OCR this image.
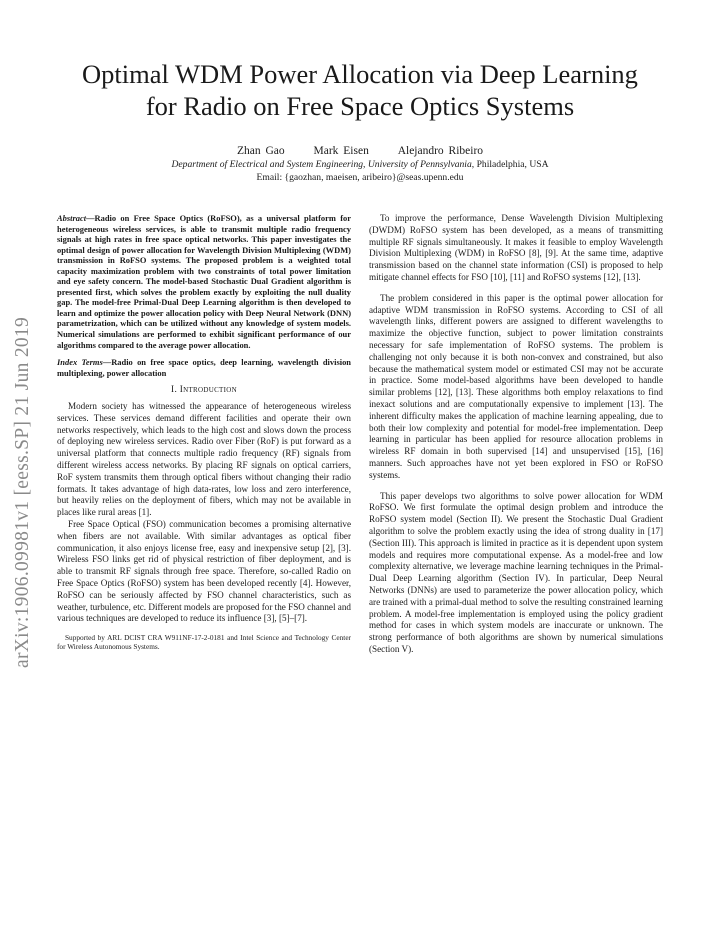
arXiv:1906.09981v1 [eess.SP] 21 Jun 2019
Optimal WDM Power Allocation via Deep Learning
for Radio on Free Space Optics Systems
Zhan Gao	Mark Eisen	Alejandro Ribeiro
Department of Electrical and System Engineering, University of Pennsylvania, Philadelphia, USA
Email: {gaozhan, maeisen, aribeiro}@seas.upenn.edu
Abstract—Radio on Free Space Optics (RoFSO), as a universal platform for heterogeneous wireless services, is able to transmit multiple radio frequency signals at high rates in free space optical networks. This paper investigates the optimal design of power allocation for Wavelength Division Multiplexing (WDM) transmission in RoFSO systems. The proposed problem is a weighted total capacity maximization problem with two constraints of total power limitation and eye safety concern. The model-based Stochastic Dual Gradient algorithm is presented first, which solves the problem exactly by exploiting the null duality gap. The model-free Primal-Dual Deep Learning algorithm is then developed to learn and optimize the power allocation policy with Deep Neural Network (DNN) parametrization, which can be utilized without any knowledge of system models. Numerical simulations are performed to exhibit significant performance of our algorithms compared to the average power allocation.
Index Terms—Radio on free space optics, deep learning, wavelength division multiplexing, power allocation
I. Introduction

Modern society has witnessed the appearance of heterogeneous wireless services. These services demand different facilities and operate their own networks respectively, which leads to the high cost and slows down the process of deploying new wireless services. Radio over Fiber (RoF) is put forward as a universal platform that connects multiple radio frequency (RF) signals from different wireless access networks. By placing RF signals on optical carriers, RoF system transmits them through optical fibers without changing their radio formats. It takes advantage of high data-rates, low loss and zero interference, but heavily relies on the deployment of fibers, which may not be available in places like rural areas [1].

Free Space Optical (FSO) communication becomes a promising alternative when fibers are not available. With similar advantages as optical fiber communication, it also enjoys license free, easy and inexpensive setup [2], [3]. Wireless FSO links get rid of physical restriction of fiber deployment, and is able to transmit RF signals through free space. Therefore, so-called Radio on Free Space Optics (RoFSO) system has been developed recently [4]. However, RoFSO can be seriously affected by FSO channel characteristics, such as weather, turbulence, etc. Different models are proposed for the FSO channel and various techniques are developed to reduce its influence [3], [5]–[7].

Supported by ARL DCIST CRA W911NF-17-2-0181 and Intel Science and Technology Center for Wireless Autonomous Systems.

To improve the performance, Dense Wavelength Division Multiplexing (DWDM) RoFSO system has been developed, as a means of transmitting multiple RF signals simultaneously. It makes it feasible to employ Wavelength Division Multiplexing (WDM) in RoFSO [8], [9]. At the same time, adaptive transmission based on the channel state information (CSI) is proposed to help mitigate channel effects for FSO [10], [11] and RoFSO systems [12], [13].

The problem considered in this paper is the optimal power allocation for adaptive WDM transmission in RoFSO systems. According to CSI of all wavelength links, different powers are assigned to different wavelengths to maximize the objective function, subject to power limitation constraints necessary for safe implementation of RoFSO systems. The problem is challenging not only because it is both non-convex and constrained, but also because the mathematical system model or estimated CSI may not be accurate in practice. Some model-based algorithms have been developed to handle similar problems [12], [13]. These algorithms both employ relaxations to find inexact solutions and are computationally expensive to implement [13]. The inherent difficulty makes the application of machine learning appealing, due to both their low complexity and potential for model-free implementation. Deep learning in particular has been applied for resource allocation problems in wireless RF domain in both supervised [14] and unsupervised [15], [16] manners. Such approaches have not yet been explored in FSO or RoFSO systems.

This paper develops two algorithms to solve power allocation for WDM RoFSO. We first formulate the optimal design problem and introduce the RoFSO system model (Section II). We present the Stochastic Dual Gradient algorithm to solve the problem exactly using the idea of strong duality in [17] (Section III). This approach is limited in practice as it is dependent upon system models and requires more computational expense. As a model-free and low complexity alternative, we leverage machine learning techniques in the Primal-Dual Deep Learning algorithm (Section IV). In particular, Deep Neural Networks (DNNs) are used to parameterize the power allocation policy, which are trained with a primal-dual method to solve the resulting constrained learning problem. A model-free implementation is employed using the policy gradient method for cases in which system models are inaccurate or unknown. The strong performance of both algorithms are shown by numerical simulations (Section V).
